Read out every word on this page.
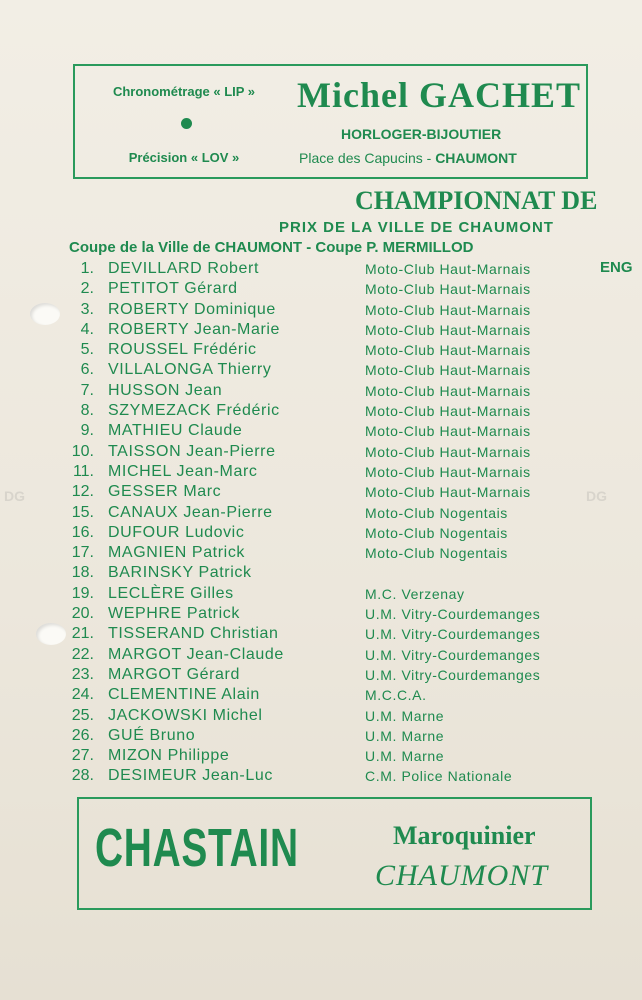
Chronométrage « LIP »
Précision « LOV »
Michel GACHET
HORLOGER-BIJOUTIER
Place des Capucins - CHAUMONT
CHAMPIONNAT DE
PRIX DE LA VILLE DE CHAUMONT
Coupe de la Ville de CHAUMONT - Coupe P. MERMILLOD
ENG
1. DEVILLARD Robert	Moto-Club Haut-Marnais
2. PETITOT Gérard	Moto-Club Haut-Marnais
3. ROBERTY Dominique	Moto-Club Haut-Marnais
4. ROBERTY Jean-Marie	Moto-Club Haut-Marnais
5. ROUSSEL Frédéric	Moto-Club Haut-Marnais
6. VILLALONGA Thierry	Moto-Club Haut-Marnais
7. HUSSON Jean	Moto-Club Haut-Marnais
8. SZYMEZACK Frédéric	Moto-Club Haut-Marnais
9. MATHIEU Claude	Moto-Club Haut-Marnais
10. TAISSON Jean-Pierre	Moto-Club Haut-Marnais
11. MICHEL Jean-Marc	Moto-Club Haut-Marnais
12. GESSER Marc	Moto-Club Haut-Marnais
15. CANAUX Jean-Pierre	Moto-Club Nogentais
16. DUFOUR Ludovic	Moto-Club Nogentais
17. MAGNIEN Patrick	Moto-Club Nogentais
18. BARINSKY Patrick
19. LECLÈRE Gilles	M.C. Verzenay
20. WEPHRE Patrick	U.M. Vitry-Courdemanges
21. TISSERAND Christian	U.M. Vitry-Courdemanges
22. MARGOT Jean-Claude	U.M. Vitry-Courdemanges
23. MARGOT Gérard	U.M. Vitry-Courdemanges
24. CLEMENTINE Alain	M.C.C.A.
25. JACKOWSKI Michel	U.M. Marne
26. GUÉ Bruno	U.M. Marne
27. MIZON Philippe	U.M. Marne
28. DESIMEUR Jean-Luc	C.M. Police Nationale
DG	DG
CHASTAIN	Maroquinier
CHAUMONT
